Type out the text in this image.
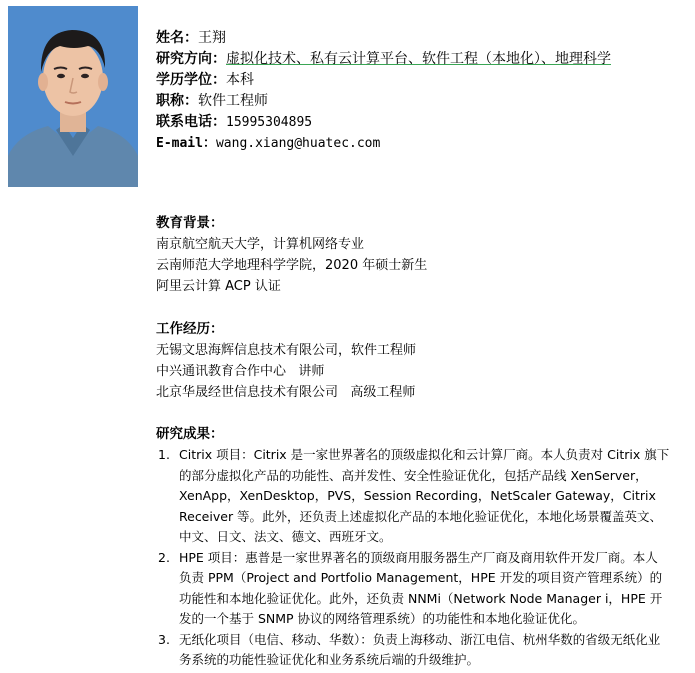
姓名：王翔
研究方向：虚拟化技术、私有云计算平台、软件工程（本地化）、地理科学
学历学位：本科
职称：软件工程师
联系电话：15995304895
E-mail：wang.xiang@huatec.com
教育背景：
南京航空航天大学，计算机网络专业
云南师范大学地理科学学院，2020 年硕士新生
阿里云计算 ACP 认证
工作经历：
无锡文思海辉信息技术有限公司，软件工程师
中兴通讯教育合作中心   讲师
北京华晟经世信息技术有限公司   高级工程师
研究成果：
1. Citrix 项目：Citrix 是一家世界著名的顶级虚拟化和云计算厂商。本人负责对 Citrix 旗下的部分虚拟化产品的功能性、高并发性、安全性验证优化，包括产品线 XenServer，XenApp，XenDesktop，PVS，Session Recording，NetScaler Gateway，Citrix Receiver 等。此外，还负责上述虚拟化产品的本地化验证优化，本地化场景覆盖英文、中文、日文、法文、德文、西班牙文。
2. HPE 项目：惠普是一家世界著名的顶级商用服务器生产厂商及商用软件开发厂商。本人负责 PPM（Project and Portfolio Management，HPE 开发的项目资产管理系统）的功能性和本地化验证优化。此外，还负责 NNMi（Network Node Manager i，HPE 开发的一个基于 SNMP 协议的网络管理系统）的功能性和本地化验证优化。
3. 无纸化项目（电信、移动、华数）：负责上海移动、浙江电信、杭州华数的省级无纸化业务系统的功能性验证优化和业务系统后端的升级维护。
